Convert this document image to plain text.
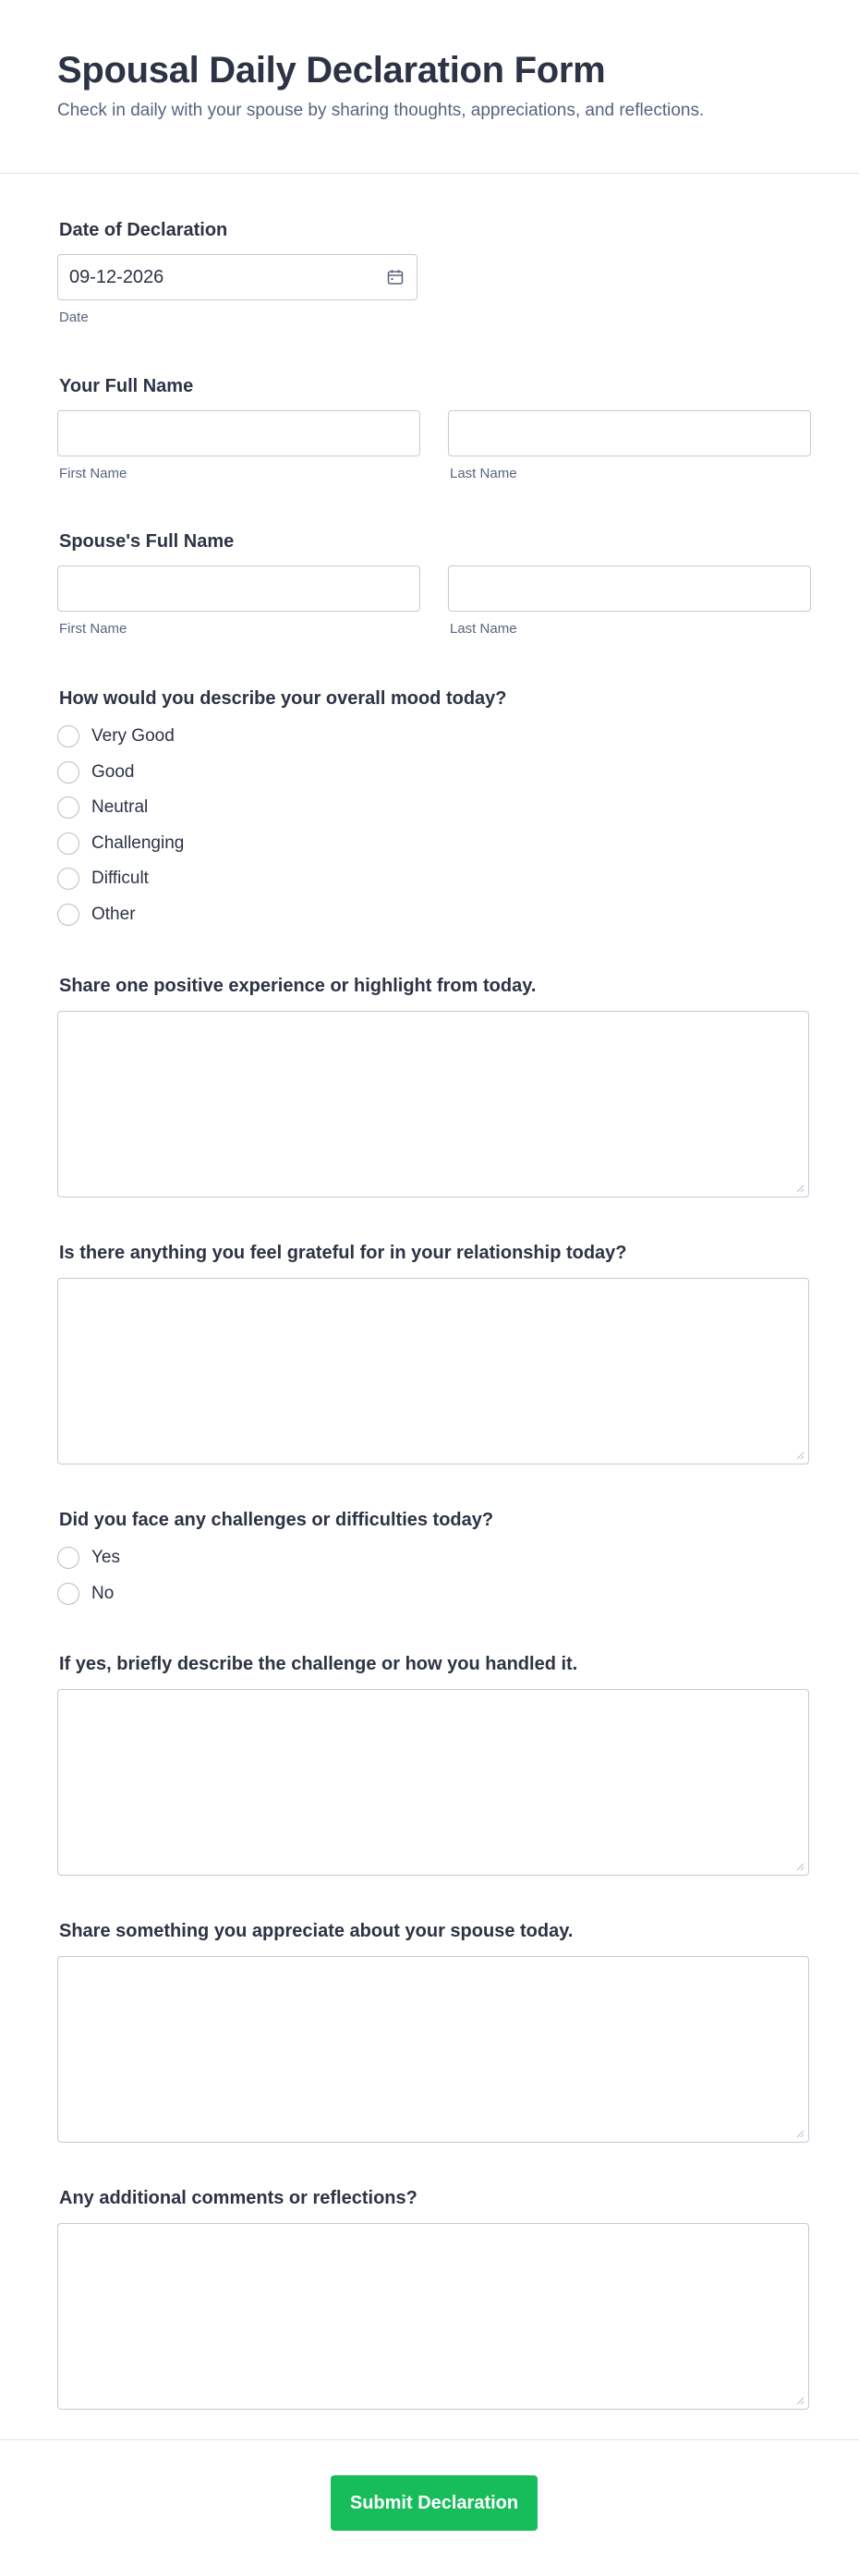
Spousal Daily Declaration Form

Check in daily with your spouse by sharing thoughts, appreciations, and reflections.

Date of Declaration
09-12-2026
Date
Your Full Name
First Name	Last Name
Spouse's Full Name
First Name	Last Name
How would you describe your overall mood today?
Very Good
Good
Neutral
Challenging
Difficult
Other
Share one positive experience or highlight from today.
Is there anything you feel grateful for in your relationship today?
Did you face any challenges or difficulties today?
Yes
No
If yes, briefly describe the challenge or how you handled it.
Share something you appreciate about your spouse today.
Any additional comments or reflections?
Submit Declaration
